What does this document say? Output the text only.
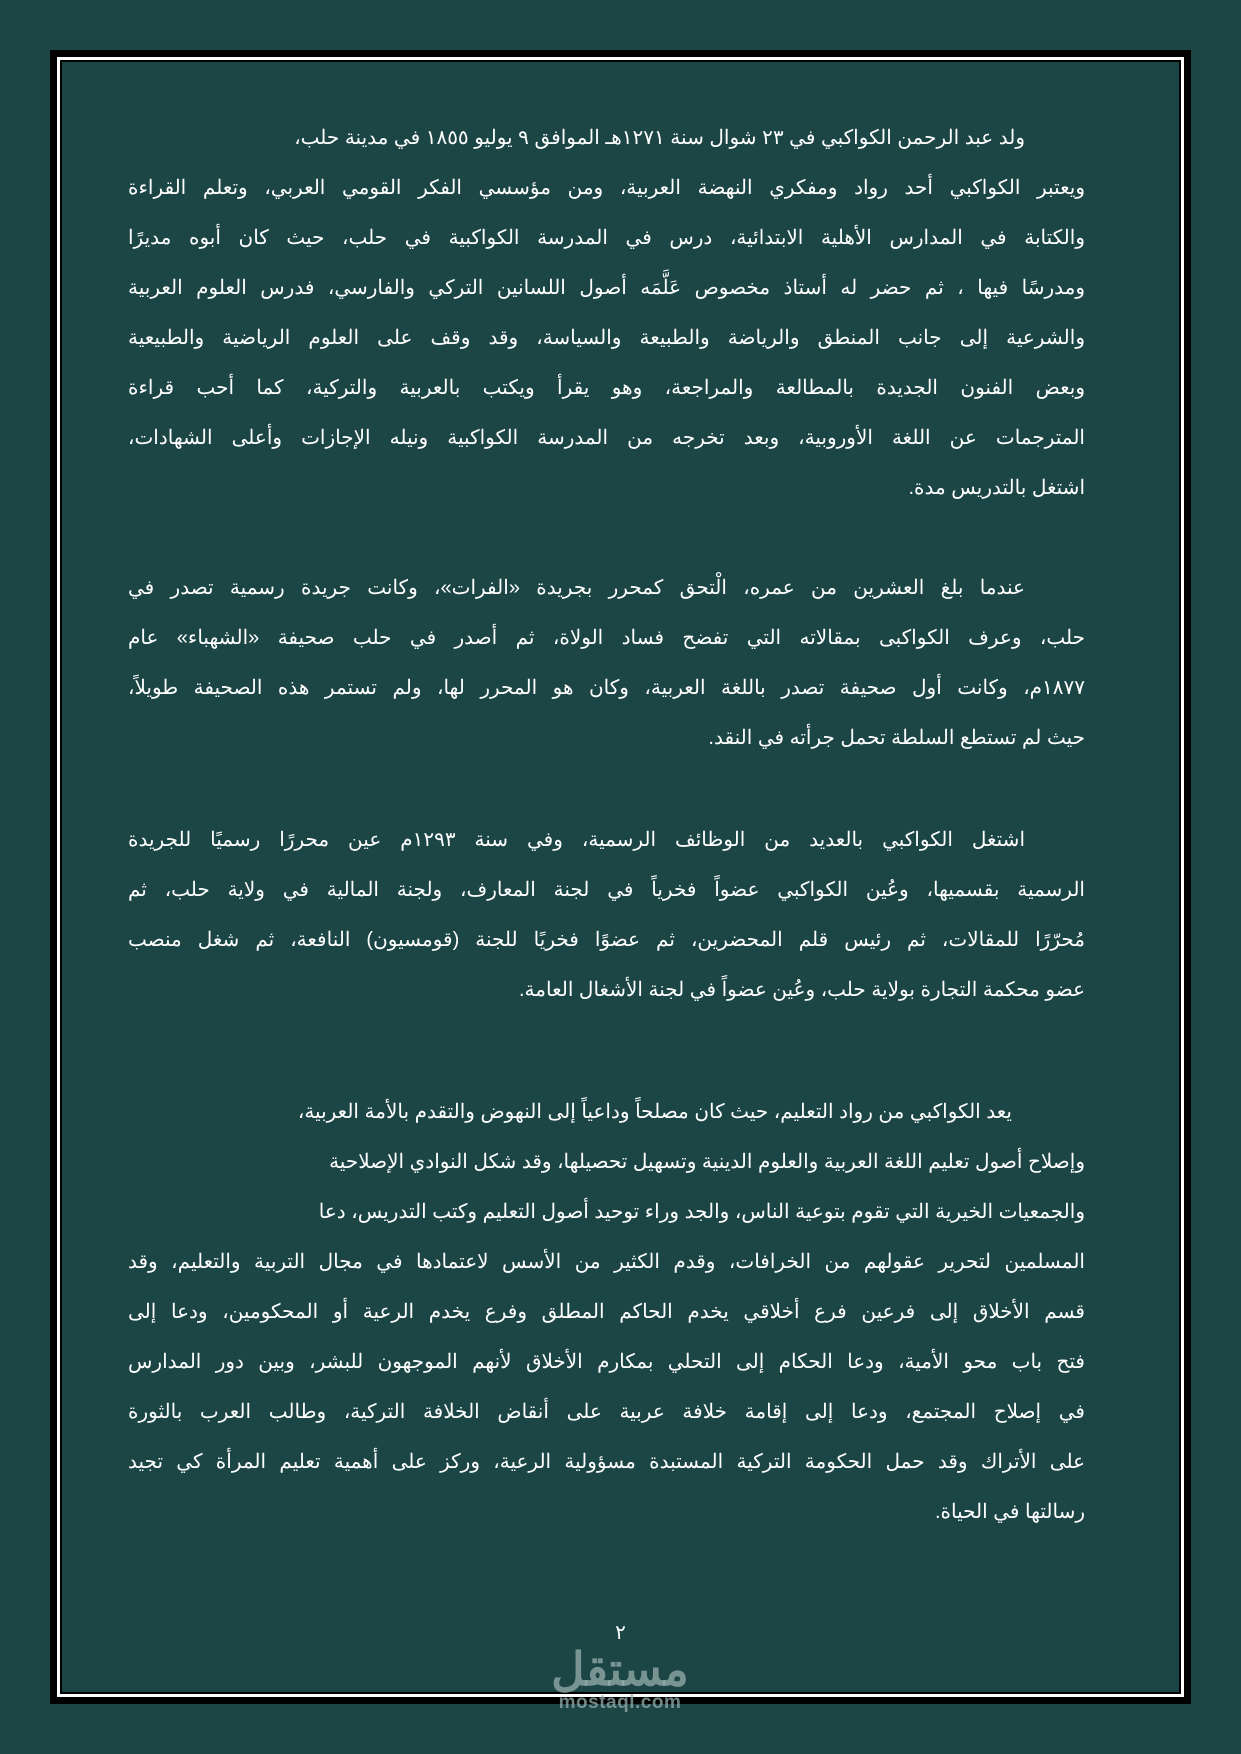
ولد عبد الرحمن الكواكبي في ٢٣ شوال سنة ١٢٧١هـ الموافق ٩ يوليو ١٨٥٥ في مدينة حلب،
ويعتبر الكواكبي أحد رواد ومفكري النهضة العربية، ومن مؤسسي الفكر القومي العربي، وتعلم القراءة
والكتابة في المدارس الأهلية الابتدائية، درس في المدرسة الكواكبية في حلب، حيث كان أبوه مديرًا
ومدرسًا فيها ، ثم حضر له أستاذ مخصوص عَلَّمَه أصول اللسانين التركي والفارسي، فدرس العلوم العربية
والشرعية إلى جانب المنطق والرياضة والطبيعة والسياسة، وقد وقف على العلوم الرياضية والطبيعية
وبعض الفنون الجديدة بالمطالعة والمراجعة، وهو يقرأ ويكتب بالعربية والتركية، كما أحب قراءة
المترجمات عن اللغة الأوروبية، وبعد تخرجه من المدرسة الكواكبية ونيله الإجازات وأعلى الشهادات،
اشتغل بالتدريس مدة.
عندما بلغ العشرين من عمره، الْتحق كمحرر بجريدة «الفرات»، وكانت جريدة رسمية تصدر في
حلب، وعرف الكواكبى بمقالاته التي تفضح فساد الولاة، ثم أصدر في حلب صحيفة «الشهباء» عام
١٨٧٧م، وكانت أول صحيفة تصدر باللغة العربية، وكان هو المحرر لها، ولم تستمر هذه الصحيفة طويلاً،
حيث لم تستطع السلطة تحمل جرأته في النقد.
اشتغل الكواكبي بالعديد من الوظائف الرسمية، وفي سنة ١٢٩٣م عين محررًا رسميًا للجريدة
الرسمية بقسميها، وعُين الكواكبي عضواً فخرياً في لجنة المعارف، ولجنة المالية في ولاية حلب، ثم
مُحرّرًا للمقالات، ثم رئيس قلم المحضرين، ثم عضوًا فخريًا للجنة (قومسيون) النافعة، ثم شغل منصب
عضو محكمة التجارة بولاية حلب، وعُين عضواً في لجنة الأشغال العامة.
يعد الكواكبي من رواد التعليم، حيث كان مصلحاً وداعياً إلى النهوض والتقدم بالأمة العربية،
وإصلاح أصول تعليم اللغة العربية والعلوم الدينية وتسهيل تحصيلها، وقد شكل النوادي الإصلاحية
والجمعيات الخيرية التي تقوم بتوعية الناس، والجد وراء توحيد أصول التعليم وكتب التدريس، دعا
المسلمين لتحرير عقولهم من الخرافات، وقدم الكثير من الأسس لاعتمادها في مجال التربية والتعليم، وقد
قسم الأخلاق إلى فرعين فرع أخلاقي يخدم الحاكم المطلق وفرع يخدم الرعية أو المحكومين، ودعا إلى
فتح باب محو الأمية، ودعا الحكام إلى التحلي بمكارم الأخلاق لأنهم الموجهون للبشر، وبين دور المدارس
في إصلاح المجتمع، ودعا إلى إقامة خلافة عربية على أنقاض الخلافة التركية، وطالب العرب بالثورة
على الأتراك وقد حمل الحكومة التركية المستبدة مسؤولية الرعية، وركز على أهمية تعليم المرأة كي تجيد
رسالتها في الحياة.
٢
مستقل
mostaql.com
